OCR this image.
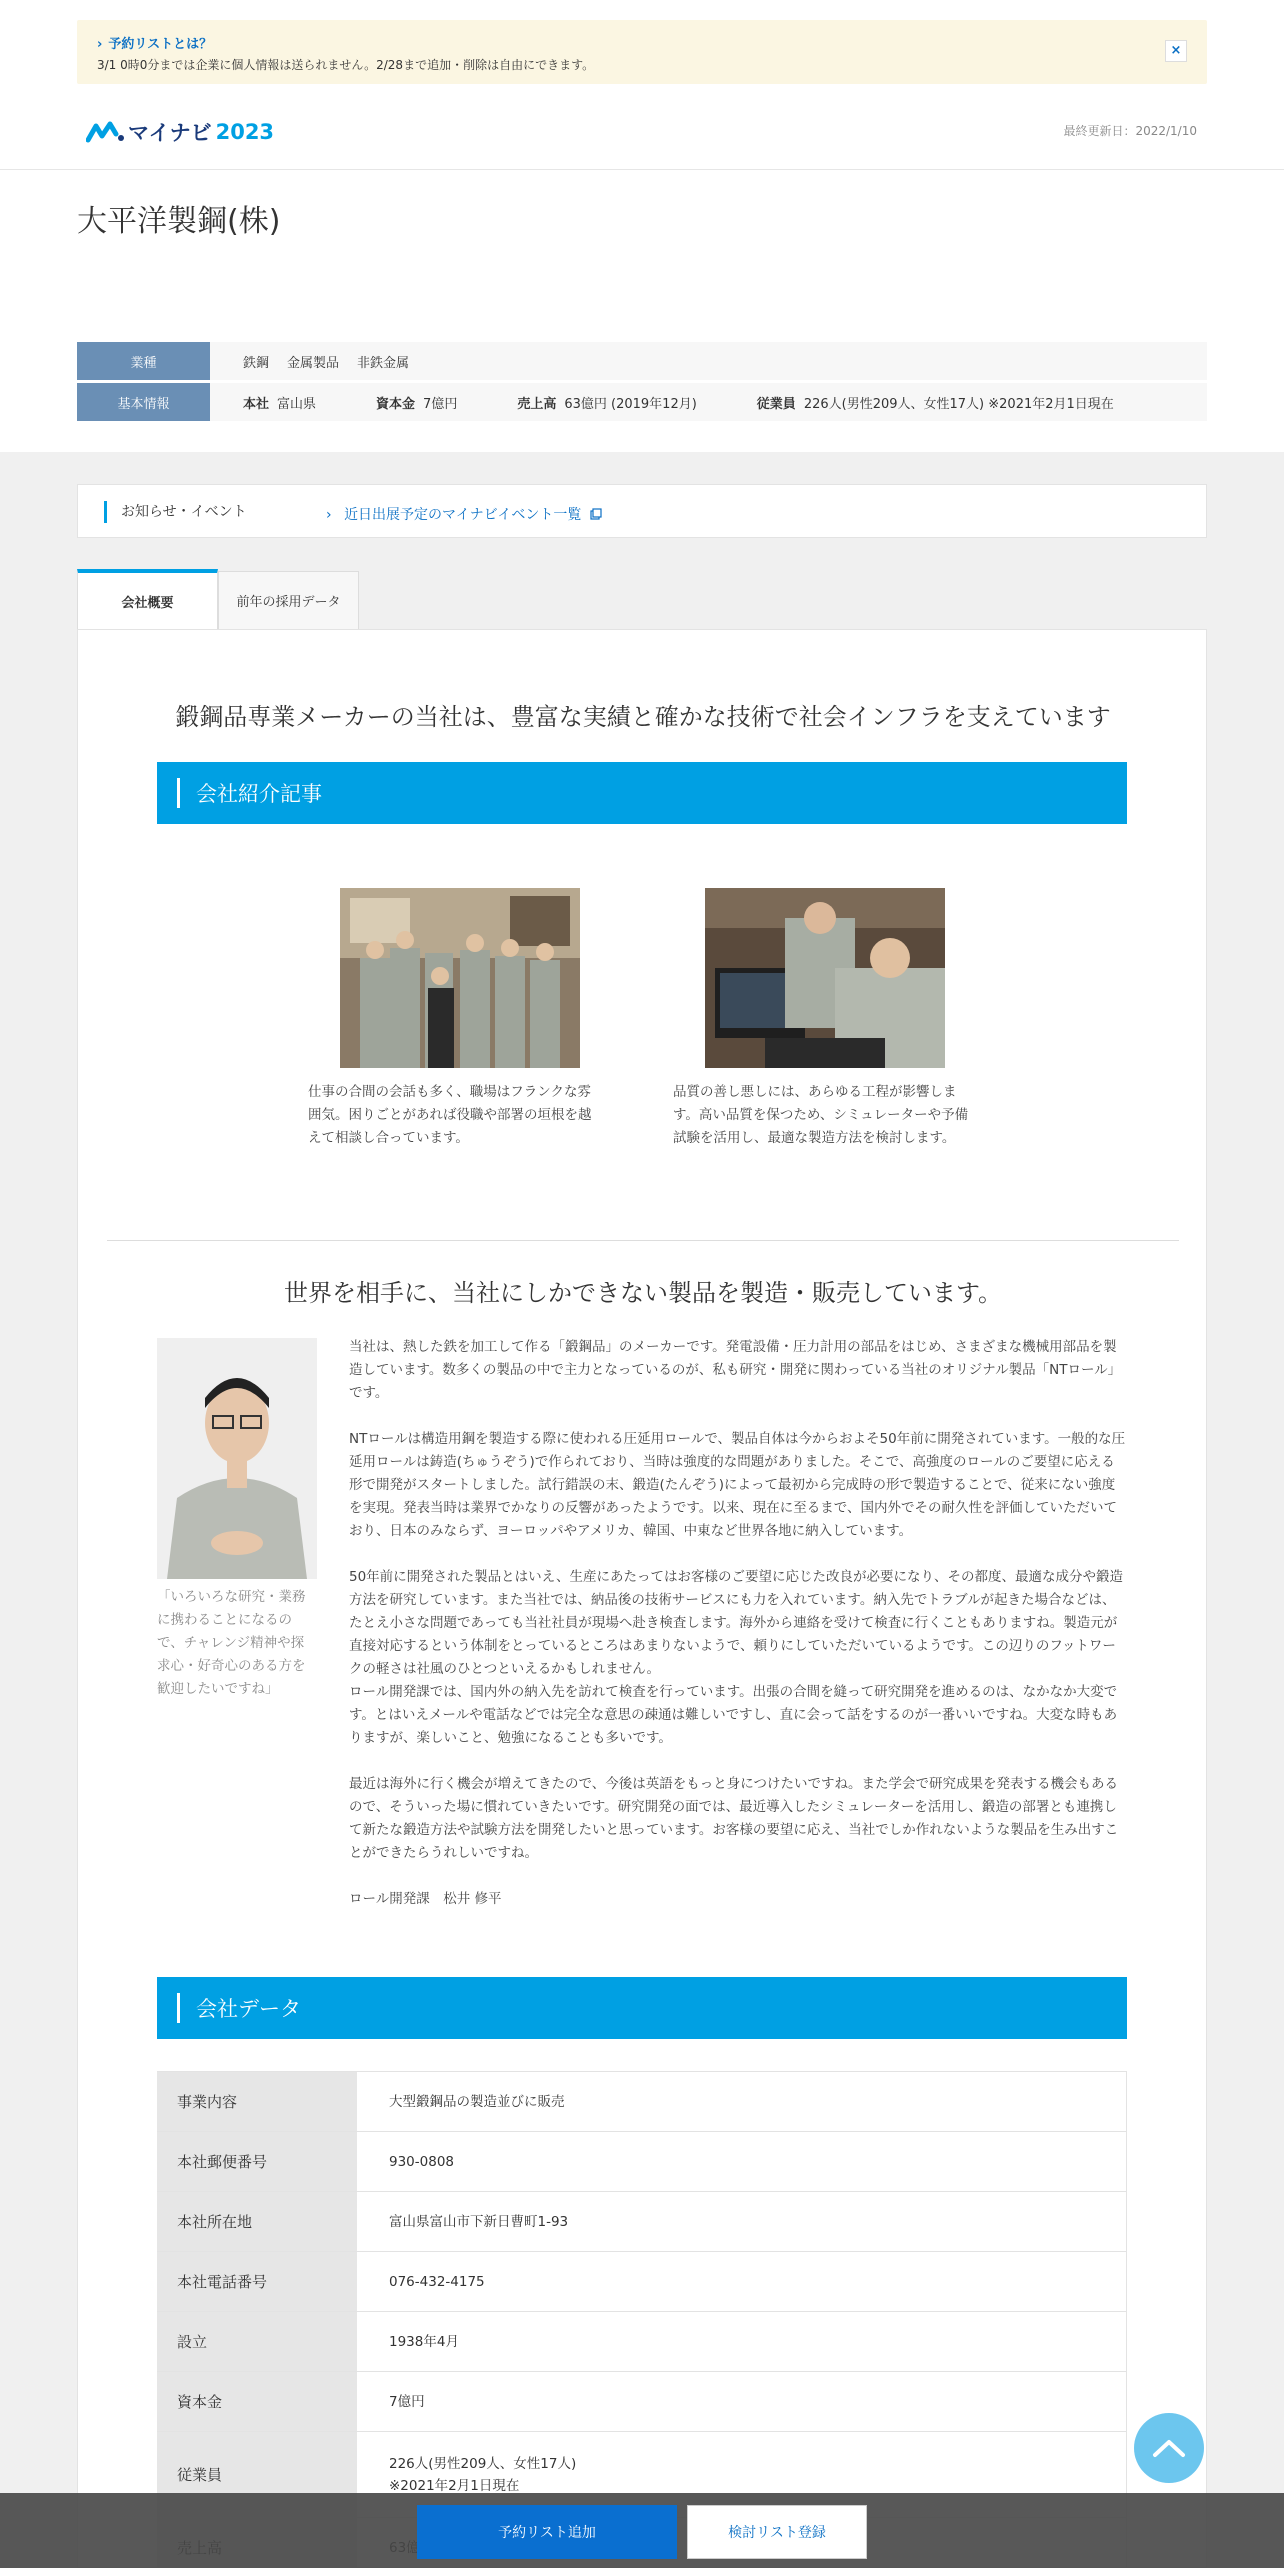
› 予約リストとは？
3/1 0時0分までは企業に個人情報は送られません。2/28まで追加・削除は自由にできます。
×
マイナビ 2023	最終更新日：2022/1/10
大平洋製鋼(株)
業種	鉄鋼 金属製品 非鉄金属
基本情報	本社 富山県	資本金 7億円	売上高 63億円 (2019年12月)	従業員 226人(男性209人、女性17人) ※2021年2月1日現在
お知らせ・イベント
›	近日出展予定のマイナビイベント一覧
会社概要	前年の採用データ
鍛鋼品専業メーカーの当社は、豊富な実績と確かな技術で社会インフラを支えています
会社紹介記事
仕事の合間の会話も多く、職場はフランクな雰囲気。困りごとがあれば役職や部署の垣根を越えて相談し合っています。
品質の善し悪しには、あらゆる工程が影響します。高い品質を保つため、シミュレーターや予備試験を活用し、最適な製造方法を検討します。
世界を相手に、当社にしかできない製品を製造・販売しています。
「いろいろな研究・業務に携わることになるので、チャレンジ精神や探求心・好奇心のある方を歓迎したいですね」

当社は、熱した鉄を加工して作る「鍛鋼品」のメーカーです。発電設備・圧力計用の部品をはじめ、さまざまな機械用部品を製造しています。数多くの製品の中で主力となっているのが、私も研究・開発に関わっている当社のオリジナル製品「NTロール」です。

NTロールは構造用鋼を製造する際に使われる圧延用ロールで、製品自体は今からおよそ50年前に開発されています。一般的な圧延用ロールは鋳造(ちゅうぞう)で作られており、当時は強度的な問題がありました。そこで、高強度のロールのご要望に応える形で開発がスタートしました。試行錯誤の末、鍛造(たんぞう)によって最初から完成時の形で製造することで、従来にない強度を実現。発表当時は業界でかなりの反響があったようです。以来、現在に至るまで、国内外でその耐久性を評価していただいており、日本のみならず、ヨーロッパやアメリカ、韓国、中東など世界各地に納入しています。

50年前に開発された製品とはいえ、生産にあたってはお客様のご要望に応じた改良が必要になり、その都度、最適な成分や鍛造方法を研究しています。また当社では、納品後の技術サービスにも力を入れています。納入先でトラブルが起きた場合などは、たとえ小さな問題であっても当社社員が現場へ赴き検査します。海外から連絡を受けて検査に行くこともありますね。製造元が直接対応するという体制をとっているところはあまりないようで、頼りにしていただいているようです。この辺りのフットワークの軽さは社風のひとつといえるかもしれません。
ロール開発課では、国内外の納入先を訪れて検査を行っています。出張の合間を縫って研究開発を進めるのは、なかなか大変です。とはいえメールや電話などでは完全な意思の疎通は難しいですし、直に会って話をするのが一番いいですね。大変な時もありますが、楽しいこと、勉強になることも多いです。

最近は海外に行く機会が増えてきたので、今後は英語をもっと身につけたいですね。また学会で研究成果を発表する機会もあるので、そういった場に慣れていきたいです。研究開発の面では、最近導入したシミュレーターを活用し、鍛造の部署とも連携して新たな鍛造方法や試験方法を開発したいと思っています。お客様の要望に応え、当社でしか作れないような製品を生み出すことができたらうれしいですね。

ロール開発課　松井 修平

会社データ
事業内容	大型鍛鋼品の製造並びに販売
本社郵便番号	930-0808
本社所在地	富山県富山市下新日曹町1-93
本社電話番号	076-432-4175
設立	1938年4月
資本金	7億円
従業員
226人(男性209人、女性17人)
※2021年2月1日現在
予約リスト追加	検討リスト登録
